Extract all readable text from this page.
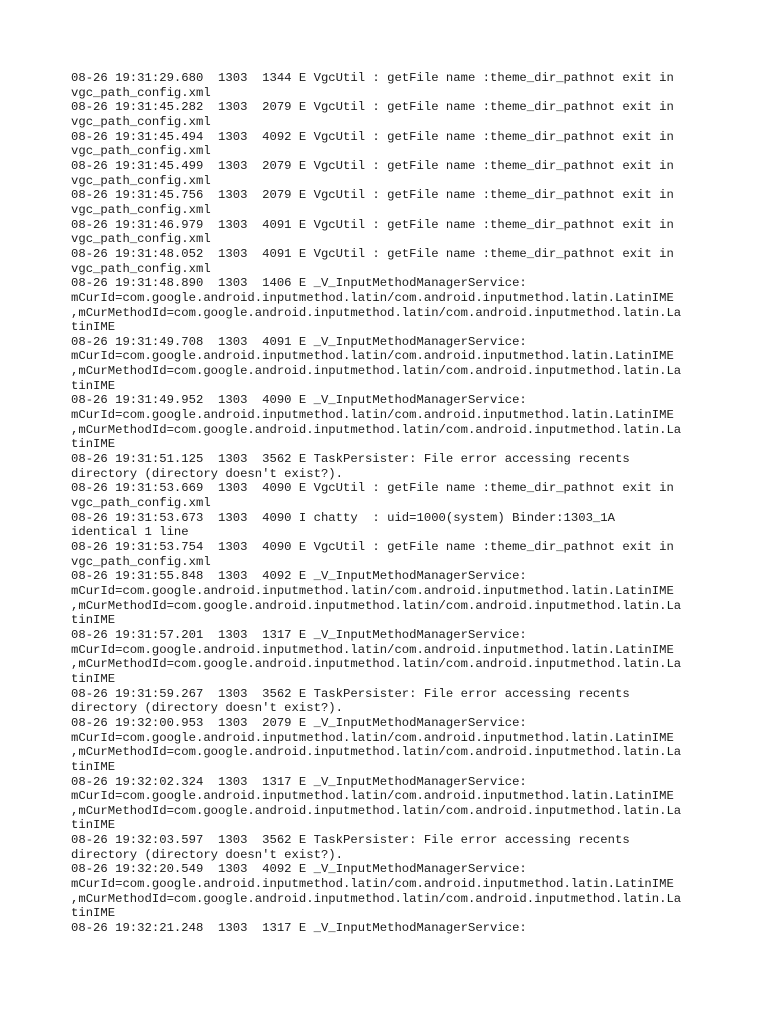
08-26 19:31:29.680  1303  1344 E VgcUtil : getFile name :theme_dir_pathnot exit in
vgc_path_config.xml
08-26 19:31:45.282  1303  2079 E VgcUtil : getFile name :theme_dir_pathnot exit in
vgc_path_config.xml
08-26 19:31:45.494  1303  4092 E VgcUtil : getFile name :theme_dir_pathnot exit in
vgc_path_config.xml
08-26 19:31:45.499  1303  2079 E VgcUtil : getFile name :theme_dir_pathnot exit in
vgc_path_config.xml
08-26 19:31:45.756  1303  2079 E VgcUtil : getFile name :theme_dir_pathnot exit in
vgc_path_config.xml
08-26 19:31:46.979  1303  4091 E VgcUtil : getFile name :theme_dir_pathnot exit in
vgc_path_config.xml
08-26 19:31:48.052  1303  4091 E VgcUtil : getFile name :theme_dir_pathnot exit in
vgc_path_config.xml
08-26 19:31:48.890  1303  1406 E _V_InputMethodManagerService:
mCurId=com.google.android.inputmethod.latin/com.android.inputmethod.latin.LatinIME
,mCurMethodId=com.google.android.inputmethod.latin/com.android.inputmethod.latin.La
tinIME
08-26 19:31:49.708  1303  4091 E _V_InputMethodManagerService:
mCurId=com.google.android.inputmethod.latin/com.android.inputmethod.latin.LatinIME
,mCurMethodId=com.google.android.inputmethod.latin/com.android.inputmethod.latin.La
tinIME
08-26 19:31:49.952  1303  4090 E _V_InputMethodManagerService:
mCurId=com.google.android.inputmethod.latin/com.android.inputmethod.latin.LatinIME
,mCurMethodId=com.google.android.inputmethod.latin/com.android.inputmethod.latin.La
tinIME
08-26 19:31:51.125  1303  3562 E TaskPersister: File error accessing recents
directory (directory doesn't exist?).
08-26 19:31:53.669  1303  4090 E VgcUtil : getFile name :theme_dir_pathnot exit in
vgc_path_config.xml
08-26 19:31:53.673  1303  4090 I chatty  : uid=1000(system) Binder:1303_1A
identical 1 line
08-26 19:31:53.754  1303  4090 E VgcUtil : getFile name :theme_dir_pathnot exit in
vgc_path_config.xml
08-26 19:31:55.848  1303  4092 E _V_InputMethodManagerService:
mCurId=com.google.android.inputmethod.latin/com.android.inputmethod.latin.LatinIME
,mCurMethodId=com.google.android.inputmethod.latin/com.android.inputmethod.latin.La
tinIME
08-26 19:31:57.201  1303  1317 E _V_InputMethodManagerService:
mCurId=com.google.android.inputmethod.latin/com.android.inputmethod.latin.LatinIME
,mCurMethodId=com.google.android.inputmethod.latin/com.android.inputmethod.latin.La
tinIME
08-26 19:31:59.267  1303  3562 E TaskPersister: File error accessing recents
directory (directory doesn't exist?).
08-26 19:32:00.953  1303  2079 E _V_InputMethodManagerService:
mCurId=com.google.android.inputmethod.latin/com.android.inputmethod.latin.LatinIME
,mCurMethodId=com.google.android.inputmethod.latin/com.android.inputmethod.latin.La
tinIME
08-26 19:32:02.324  1303  1317 E _V_InputMethodManagerService:
mCurId=com.google.android.inputmethod.latin/com.android.inputmethod.latin.LatinIME
,mCurMethodId=com.google.android.inputmethod.latin/com.android.inputmethod.latin.La
tinIME
08-26 19:32:03.597  1303  3562 E TaskPersister: File error accessing recents
directory (directory doesn't exist?).
08-26 19:32:20.549  1303  4092 E _V_InputMethodManagerService:
mCurId=com.google.android.inputmethod.latin/com.android.inputmethod.latin.LatinIME
,mCurMethodId=com.google.android.inputmethod.latin/com.android.inputmethod.latin.La
tinIME
08-26 19:32:21.248  1303  1317 E _V_InputMethodManagerService:
